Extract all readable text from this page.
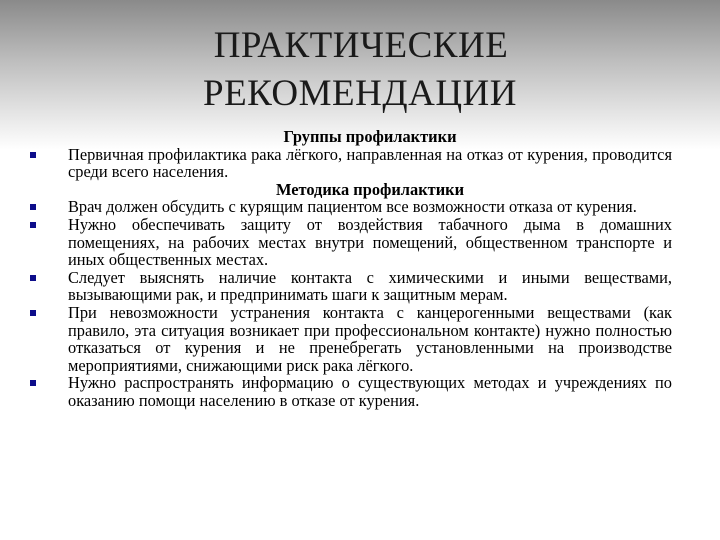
ПРАКТИЧЕСКИЕ
РЕКОМЕНДАЦИИ

Группы профилактики

Первичная профилактика рака лёгкого, направленная на отказ от курения, проводится среди всего населения.

Методика профилактики

Врач должен обсудить с курящим пациентом все возможности отказа от курения.
Нужно обеспечивать защиту от воздействия табачного дыма в домашних помещениях, на рабочих местах внутри помещений, общественном транспорте и иных общественных местах.
Следует выяснять наличие контакта с химическими и иными веществами, вызывающими рак, и предпринимать шаги к защитным мерам.
При невозможности устранения контакта с канцерогенными веществами (как правило, эта ситуация возникает при профессиональном контакте) нужно полностью отказаться от курения и не пренебрегать установленными на производстве мероприятиями, снижающими риск рака лёгкого.
Нужно распространять информацию о существующих методах и учреждениях по оказанию помощи населению в отказе от курения.
